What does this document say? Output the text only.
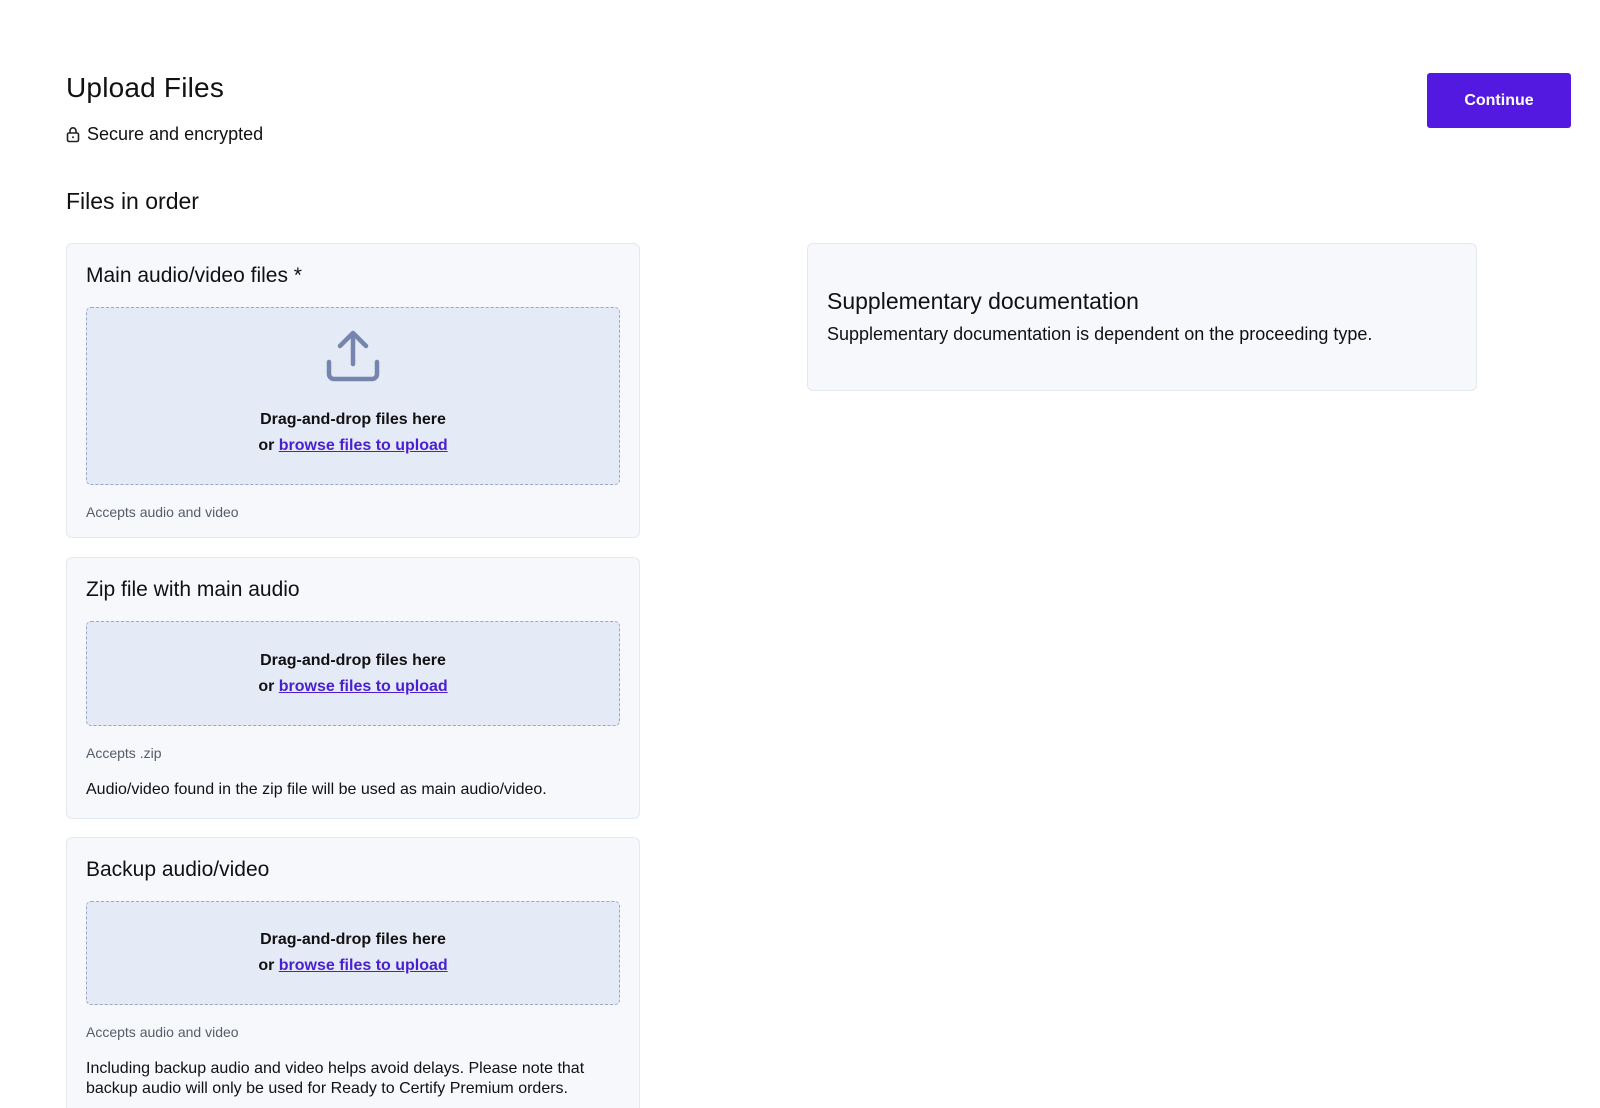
Upload Files
Secure and encrypted
Continue
Files in order
Main audio/video files *
Drag-and-drop files here
or browse files to upload
Accepts audio and video
Zip file with main audio
Drag-and-drop files here
or browse files to upload
Accepts .zip
Audio/video found in the zip file will be used as main audio/video.
Backup audio/video
Drag-and-drop files here
or browse files to upload
Accepts audio and video
Including backup audio and video helps avoid delays. Please note that backup audio will only be used for Ready to Certify Premium orders.
Supplementary documentation
Supplementary documentation is dependent on the proceeding type.
